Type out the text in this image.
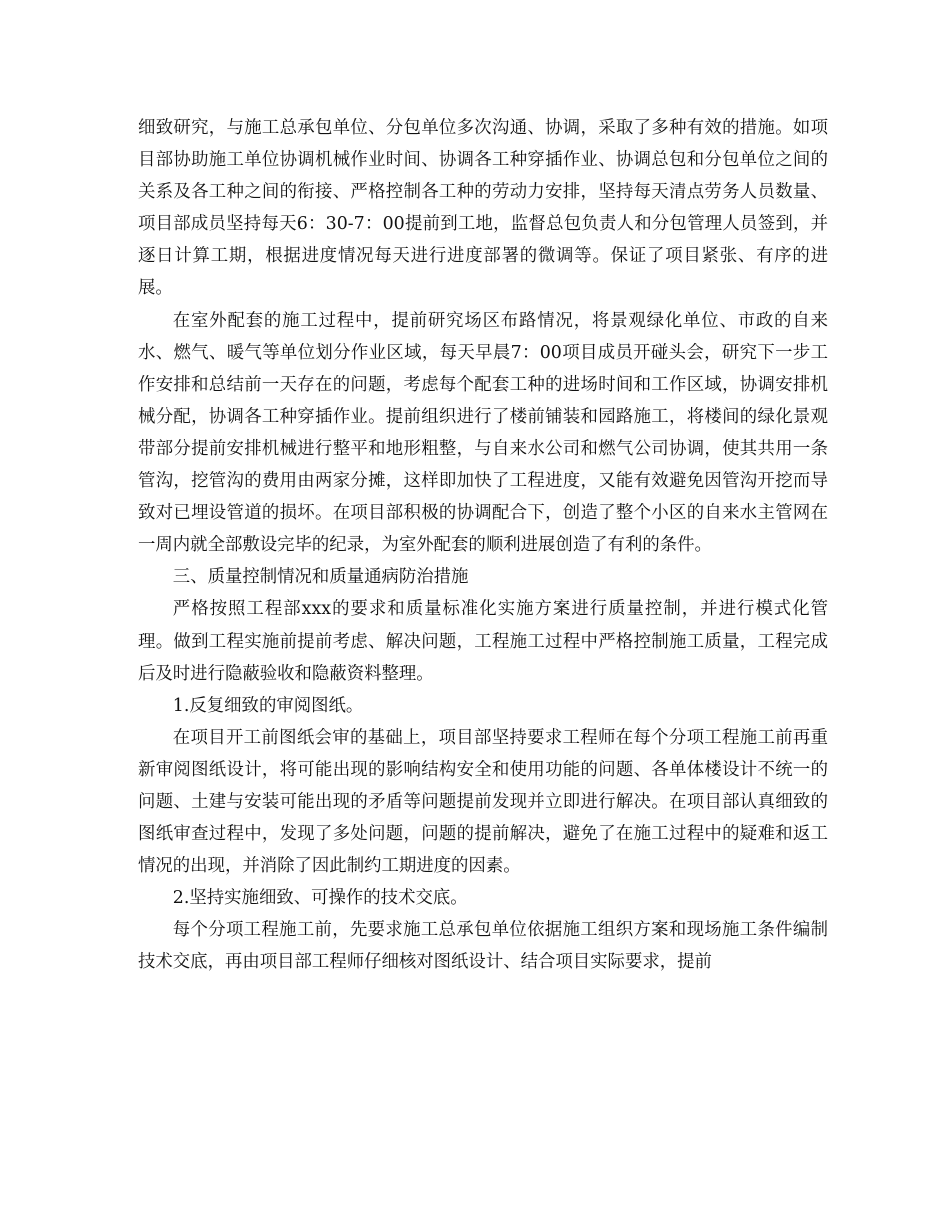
细致研究，与施工总承包单位、分包单位多次沟通、协调，采取了多种有效的措施。如项目部协助施工单位协调机械作业时间、协调各工种穿插作业、协调总包和分包单位之间的关系及各工种之间的衔接、严格控制各工种的劳动力安排，坚持每天清点劳务人员数量、项目部成员坚持每天6：30-7：00提前到工地，监督总包负责人和分包管理人员签到，并逐日计算工期，根据进度情况每天进行进度部署的微调等。保证了项目紧张、有序的进展。

在室外配套的施工过程中，提前研究场区布路情况，将景观绿化单位、市政的自来水、燃气、暖气等单位划分作业区域，每天早晨7：00项目成员开碰头会，研究下一步工作安排和总结前一天存在的问题，考虑每个配套工种的进场时间和工作区域，协调安排机械分配，协调各工种穿插作业。提前组织进行了楼前铺装和园路施工，将楼间的绿化景观带部分提前安排机械进行整平和地形粗整，与自来水公司和燃气公司协调，使其共用一条管沟，挖管沟的费用由两家分摊，这样即加快了工程进度，又能有效避免因管沟开挖而导致对已埋设管道的损坏。在项目部积极的协调配合下，创造了整个小区的自来水主管网在一周内就全部敷设完毕的纪录，为室外配套的顺利进展创造了有利的条件。

三、质量控制情况和质量通病防治措施

严格按照工程部xxx的要求和质量标准化实施方案进行质量控制，并进行模式化管理。做到工程实施前提前考虑、解决问题，工程施工过程中严格控制施工质量，工程完成后及时进行隐蔽验收和隐蔽资料整理。

1.反复细致的审阅图纸。

在项目开工前图纸会审的基础上，项目部坚持要求工程师在每个分项工程施工前再重新审阅图纸设计，将可能出现的影响结构安全和使用功能的问题、各单体楼设计不统一的问题、土建与安装可能出现的矛盾等问题提前发现并立即进行解决。在项目部认真细致的图纸审查过程中，发现了多处问题，问题的提前解决，避免了在施工过程中的疑难和返工情况的出现，并消除了因此制约工期进度的因素。

2.坚持实施细致、可操作的技术交底。

每个分项工程施工前，先要求施工总承包单位依据施工组织方案和现场施工条件编制技术交底，再由项目部工程师仔细核对图纸设计、结合项目实际要求，提前
